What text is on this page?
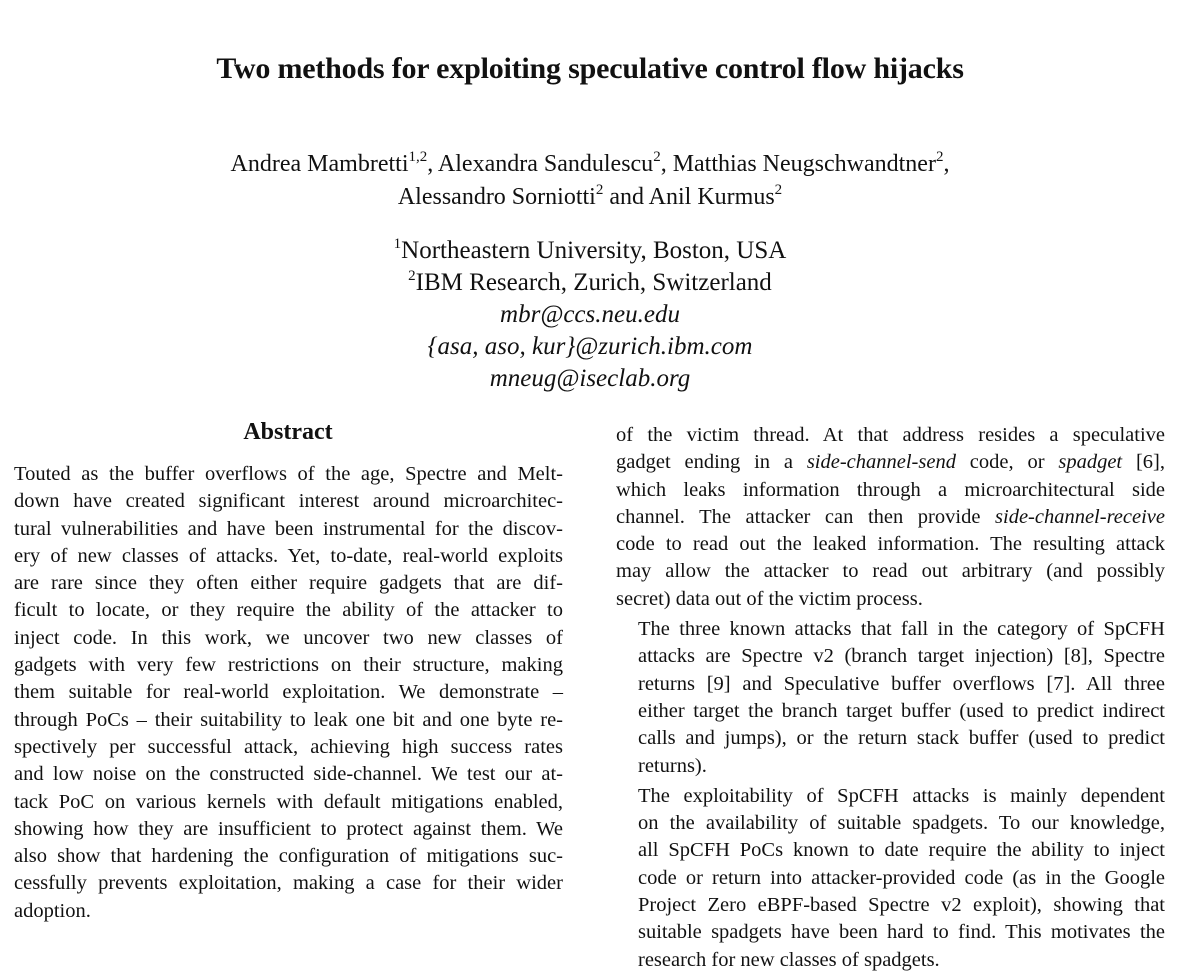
Two methods for exploiting speculative control flow hijacks
Andrea Mambretti$^{1,2}$, Alexandra Sandulescu$^2$, Matthias Neugschwandtner$^2$,
Alessandro Sorniotti$^2$ and Anil Kurmus$^2$
$^1$Northeastern University, Boston, USA
$^2$IBM Research, Zurich, Switzerland
mbr@ccs.neu.edu
{asa, aso, kur}@zurich.ibm.com
mneug@iseclab.org
Abstract
Touted as the buffer overflows of the age, Spectre and Melt-
down have created significant interest around microarchitec-
tural vulnerabilities and have been instrumental for the discov-
ery of new classes of attacks. Yet, to-date, real-world exploits
are rare since they often either require gadgets that are dif-
ficult to locate, or they require the ability of the attacker to
inject code. In this work, we uncover two new classes of
gadgets with very few restrictions on their structure, making
them suitable for real-world exploitation. We demonstrate –
through PoCs – their suitability to leak one bit and one byte re-
spectively per successful attack, achieving high success rates
and low noise on the constructed side-channel. We test our at-
tack PoC on various kernels with default mitigations enabled,
showing how they are insufficient to protect against them. We
also show that hardening the configuration of mitigations suc-
cessfully prevents exploitation, making a case for their wider
adoption.

of the victim thread. At that address resides a speculative
gadget ending in a side-channel-send code, or spadget [6],
which leaks information through a microarchitectural side
channel. The attacker can then provide side-channel-receive
code to read out the leaked information. The resulting attack
may allow the attacker to read out arbitrary (and possibly
secret) data out of the victim process.

The three known attacks that fall in the category of SpCFH
attacks are Spectre v2 (branch target injection) [8], Spectre
returns [9] and Speculative buffer overflows [7]. All three
either target the branch target buffer (used to predict indirect
calls and jumps), or the return stack buffer (used to predict
returns).

The exploitability of SpCFH attacks is mainly dependent
on the availability of suitable spadgets. To our knowledge,
all SpCFH PoCs known to date require the ability to inject
code or return into attacker-provided code (as in the Google
Project Zero eBPF-based Spectre v2 exploit), showing that
suitable spadgets have been hard to find. This motivates the
research for new classes of spadgets.
